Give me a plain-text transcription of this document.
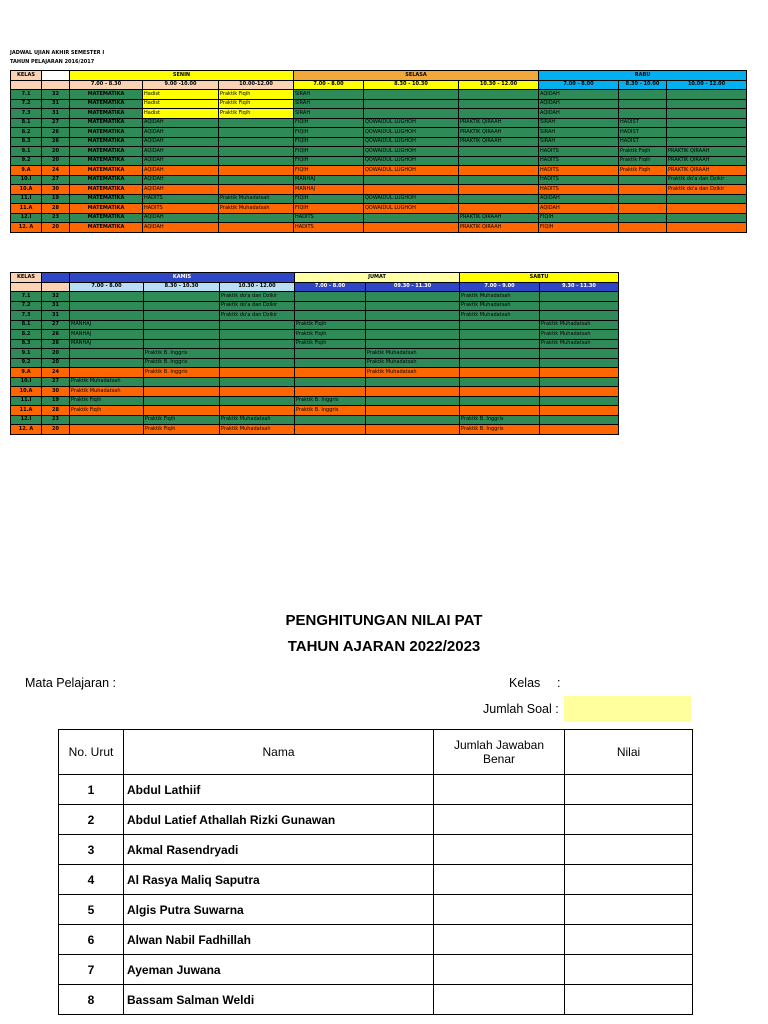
JADWAL UJIAN AKHIR SEMESTER I
TAHUN PELAJARAN 2016/2017
KELAS		SENIN			SELASA			RABU		
		7.00 - 8.30	9.00 -10.00	10.00-12.00	7.00 - 8.00	8.30 - 10.30	10.30 - 12.00	7.00 - 8.00	8.30 - 10.00	10.00 - 12.00
7.1	32	MATEMATIKA	Hadist	Praktik Fiqih	SIRAH			AQIDAH		
7.2	31	MATEMATIKA	Hadist	Praktik Fiqih	SIRAH			AQIDAH		
7.3	31	MATEMATIKA	Hadist	Praktik Fiqih	SIRAH			AQIDAH		
8.1	27	MATEMATIKA	AQIDAH		FIQIH	QOWAIDUL LUGHOH	PRAKTIK QIRAAH	SIRAH	HADIST	
8.2	26	MATEMATIKA	AQIDAH		FIQIH	QOWAIDUL LUGHOH	PRAKTIK QIRAAH	SIRAH	HADIST	
8.3	26	MATEMATIKA	AQIDAH		FIQIH	QOWAIDUL LUGHOH	PRAKTIK QIRAAH	SIRAH	HADIST	
9.1	20	MATEMATIKA	AQIDAH		FIQIH	QOWAIDUL LUGHOH		HADITS	Praktik Fiqih	PRAKTIK QIRAAH
9.2	20	MATEMATIKA	AQIDAH		FIQIH	QOWAIDUL LUGHOH		HADITS	Praktik Fiqih	PRAKTIK QIRAAH
9.A	24	MATEMATIKA	AQIDAH		FIQIH	QOWAIDUL LUGHOH		HADITS	Praktik Fiqih	PRAKTIK QIRAAH
10.I	27	MATEMATIKA	AQIDAH		MANHAJ			HADITS		Praktik do'a dan Dzikir
10.A	30	MATEMATIKA	AQIDAH		MANHAJ			HADITS		Praktik do'a dan Dzikir
11.I	19	MATEMATIKA	HADITS	Praktik Muhadatsah	FIQIH	QOWAIDUL LUGHOH		AQIDAH		
11.A	28	MATEMATIKA	HADITS	Praktik Muhadatsah	FIQIH	QOWAIDUL LUGHOH		AQIDAH		
12.I	23	MATEMATIKA	AQIDAH		HADITS		PRAKTIK QIRAAH	FIQIH		
12. A	20	MATEMATIKA	AQIDAH		HADITS		PRAKTIK QIRAAH	FIQIH		
KELAS		KAMIS			JUMAT		SABTU	
		7.00 - 8.00	8.30 - 10.30	10.30 - 12.00	7.00 - 8.00	09.30 - 11.30	7.00 - 9.00	9.30 - 11.30
7.1	32			Praktik do'a dan Dzikir			Praktik Muhadatsah	
7.2	31			Praktik do'a dan Dzikir			Praktik Muhadatsah	
7.3	31			Praktik do'a dan Dzikir			Praktik Muhadatsah	
8.1	27	MANHAJ			Praktik Fiqih			Praktik Muhadatsah
8.2	26	MANHAJ			Praktik Fiqih			Praktik Muhadatsah
8.3	26	MANHAJ			Praktik Fiqih			Praktik Muhadatsah
9.1	20		Praktik B. Inggris			Praktik Muhadatsah		
9.2	20		Praktik B. Inggris			Praktik Muhadatsah		
9.A	24		Praktik B. Inggris			Praktik Muhadatsah		
10.I	27	Praktik Muhadatsah						
10.A	30	Praktik Muhadatsah						
11.I	19	Praktik Fiqih			Praktik B. Inggris			
11.A	28	Praktik Fiqih			Praktik B. Inggris			
12.I	23		Praktik Fiqih	Praktik Muhadatsah			Praktik B. Inggris	
12. A	20		Praktik Fiqih	Praktik Muhadatsah			Praktik B. Inggris	
PENGHITUNGAN NILAI PAT
TAHUN AJARAN 2022/2023
Mata Pelajaran :	Kelas :
Jumlah Soal :
No. Urut	Nama	Jumlah Jawaban Benar	Nilai
1	Abdul Lathiif		
2	Abdul Latief Athallah Rizki Gunawan		
3	Akmal Rasendryadi		
4	Al Rasya Maliq Saputra		
5	Algis Putra Suwarna		
6	Alwan Nabil Fadhillah		
7	Ayeman Juwana		
8	Bassam Salman Weldi		
